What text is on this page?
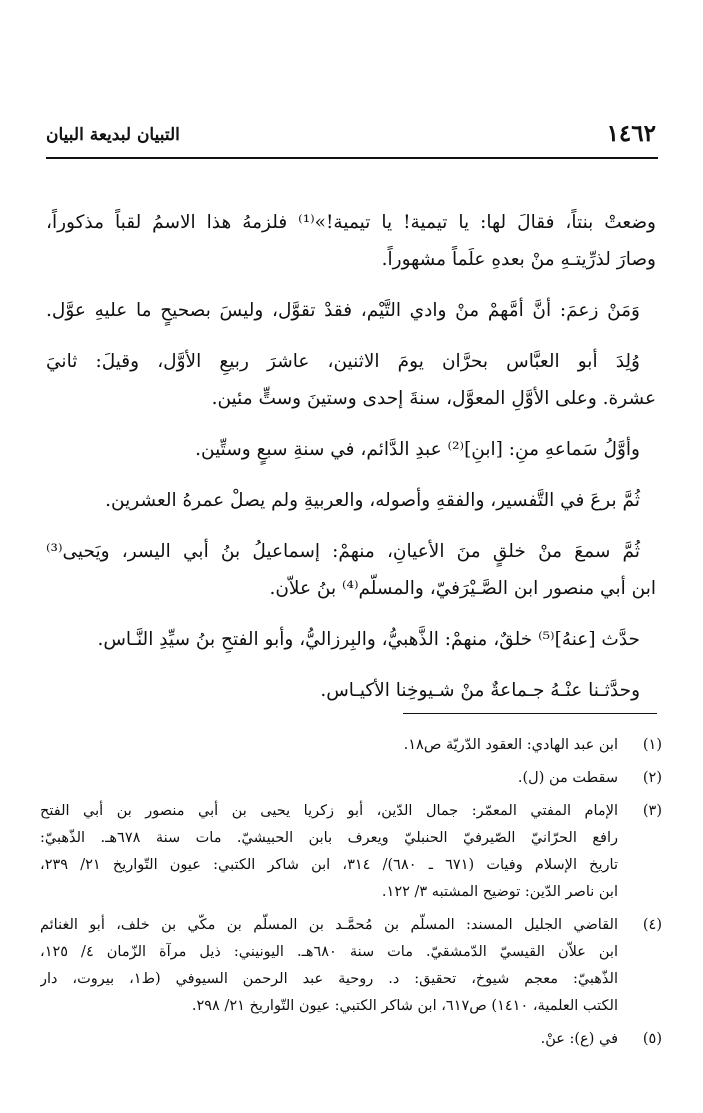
١٤٦٢
التبيان لبديعة البيان
وضعتْ بنتاً، فقالَ لها: يا تيمية! يا تيمية!»⁽¹⁾ فلزمهُ هذا الاسمُ لقباً مذكوراً،
وصارَ لذرِّيتـهِ منْ بعدهِ علَماً مشهوراً.
وَمَنْ زعمَ: أنَّ أمَّهمْ منْ وادي التَّيْم، فقدْ تقوَّل، وليسَ بصحيحٍ ما عليهِ عوَّل.
وُلِدَ أبو العبَّاس بحرَّان يومَ الاثنين، عاشرَ ربيعِ الأوَّل، وقيلَ: ثانيَ
عشرة. وعلى الأوَّلِ المعوَّل، سنةَ إحدى وستينَ وستٍّ مئين.
وأوَّلُ سَماعهِ منِ: [ابنِ]⁽²⁾ عبدِ الدَّائم، في سنةِ سبعٍ وستِّين.
ثُمَّ برعَ في التَّفسير، والفقهِ وأصوله، والعربيةِ ولم يصلْ عمرهُ العشرين.
ثُمَّ سمعَ منْ خلقٍ منَ الأعيانِ، منهمْ: إسماعيلُ بنُ أبي اليسر، ويَحيى⁽³⁾
ابن أبي منصور ابن الصَّـيْرَفيّ، والمسلّم⁽⁴⁾ بنُ علاّن.
حدَّث [عنهُ]⁽⁵⁾ خلقٌ، منهمْ: الذَّهبيُّ، والبِرزاليُّ، وأبو الفتحِ بنُ سيِّدِ النَّـاس.
وحدَّثـنا عنْـهُ جـماعةٌ منْ شـيوخِنا الأكيـاس.
(١)
ابن عبد الهادي: العقود الدّريّة ص١٨.
(٢)
سقطت من (ل).
(٣)
الإمام المفتي المعمّر: جمال الدّين، أبو زكريا يحيى بن أبي منصور بن أبي الفتح
رافع الحرّانيّ الصّيرفيّ الحنبليّ ويعرف بابن الحبيشيّ. مات سنة ٦٧٨هـ. الذّهبيّ:
تاريخ الإسلام وفيات (٦٧١ ـ ٦٨٠)/ ٣١٤، ابن شاكر الكتبي: عيون التّواريخ ٢١/ ٢٣٩،
ابن ناصر الدّين: توضيح المشتبه ٣/ ١٢٢.
(٤)
القاضي الجليل المسند: المسلّم بن مُحمَّـد بن المسلّم بن مكّي بن خلف، أبو الغنائم
ابن علاّن القيسيّ الدّمشقيّ. مات سنة ٦٨٠هـ. اليونيني: ذيل مرآة الزّمان ٤/ ١٢٥،
الذّهبيّ: معجم شيوخ، تحقيق: د. روحية عبد الرحمن السيوفي (ط١، بيروت، دار
الكتب العلمية، ١٤١٠) ص٦١٧، ابن شاكر الكتبي: عيون التّواريخ ٢١/ ٢٩٨.
(٥)
في (ع): عنْ.
